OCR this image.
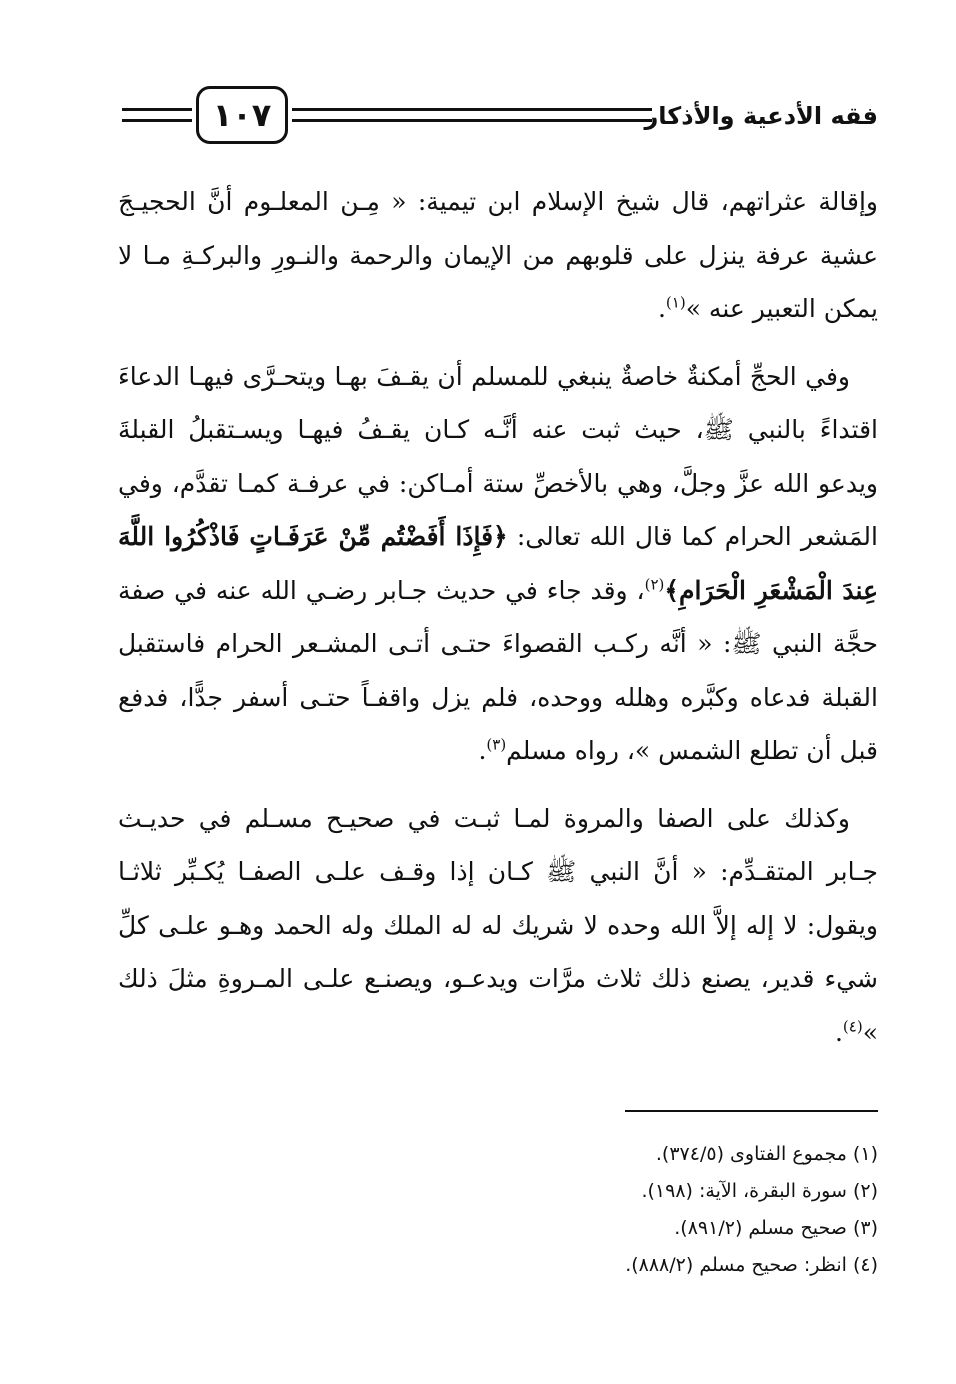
١٠٧	فقه الأدعية والأذكار

وإقالة عثراتهم، قال شيخ الإسلام ابن تيمية: « مِـن المعلـوم أنَّ الحجيـجَ عشية عرفة ينزل على قلوبهم من الإيمان والرحمة والنـورِ والبركـةِ مـا لا يمكن التعبير عنه »$^{(١)}$.

وفي الحجِّ أمكنةٌ خاصةٌ ينبغي للمسلم أن يقـفَ بهـا ويتحـرَّى فيهـا الدعاءَ اقتداءً بالنبي ﷺ، حيث ثبت عنه أنَّـه كـان يقـفُ فيهـا ويسـتقبلُ القبلةَ ويدعو الله عزَّ وجلَّ، وهي بالأخصِّ ستة أمـاكن: في عرفـة كمـا تقدَّم، وفي المَشعر الحرام كما قال الله تعالى: ﴿فَإِذَا أَفَضْتُم مِّنْ عَرَفَـاتٍ فَاذْكُرُوا اللَّهَ عِندَ الْمَشْعَرِ الْحَرَامِ﴾$^{(٢)}$، وقد جاء في حديث جـابر رضـي الله عنه في صفة حجَّة النبي ﷺ: « أنَّه ركـب القصواءَ حتـى أتـى المشـعر الحرام فاستقبل القبلة فدعاه وكبَّره وهلله ووحده، فلم يزل واقفـاً حتـى أسفر جدًّا، فدفع قبل أن تطلع الشمس »، رواه مسلم$^{(٣)}$.

وكذلك على الصفا والمروة لمـا ثبـت في صحيـح مسـلم في حديـث جـابر المتقـدِّم: « أنَّ النبي ﷺ كـان إذا وقـف علـى الصفـا يُكـبِّر ثلاثـا ويقول: لا إله إلاَّ الله وحده لا شريك له له الملك وله الحمد وهـو علـى كلِّ شيء قدير، يصنع ذلك ثلاث مرَّات ويدعـو، ويصنـع علـى المـروةِ مثلَ ذلك »$^{(٤)}$.

(١) مجموع الفتاوى (٣٧٤/٥).
(٢) سورة البقرة، الآية: (١٩٨).
(٣) صحيح مسلم (٨٩١/٢).
(٤) انظر: صحيح مسلم (٨٨٨/٢).
